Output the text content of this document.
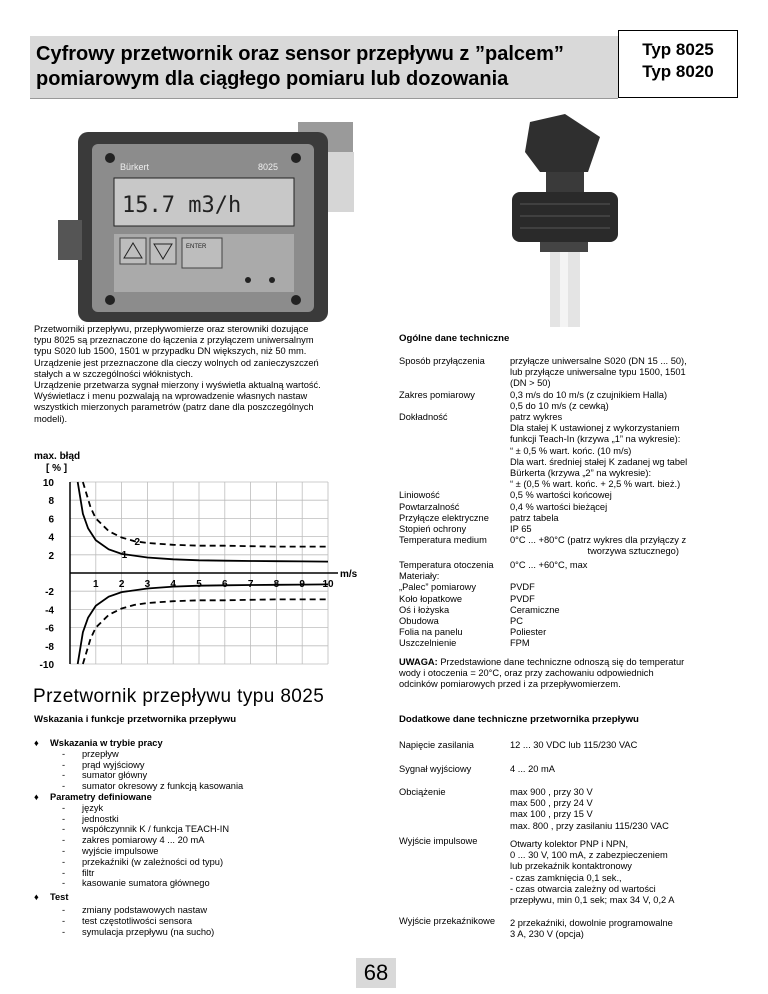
Cyfrowy przetwornik oraz sensor przepływu z ”palcem”
pomiarowym dla ciągłego pomiaru lub dozowania
Typ 8025
Typ 8020
Bürkert	8025
15.7 m3/h
ENTER
Przetworniki przepływu, przepływomierze oraz sterowniki dozujące
typu 8025 są przeznaczone do łączenia z przyłączem uniwersalnym
typu S020 lub 1500, 1501 w przypadku DN większych, niż 50 mm.
Urządzenie jest przeznaczone dla cieczy wolnych od zanieczyszczeń
stałych a w szczególności włóknistych.
Urządzenie przetwarza sygnał mierzony i wyświetla aktualną wartość.
Wyświetlacz i menu pozwalają na wprowadzenie własnych nastaw
wszystkich mierzonych parametrów (patrz dane dla poszczególnych
modeli).
max. błąd
[ % ]
1 2 3 4 5 6 7 8 9 10
10
8
6
4
2
-2
-4
-6
-8
-10
m/s
2
1
Ogólne dane techniczne
Sposób przyłączenia	przyłącze uniwersalne S020 (DN 15 ... 50),
lub przyłącze uniwersalne typu 1500, 1501
(DN > 50)
Zakres pomiarowy	0,3 m/s do 10 m/s (z czujnikiem Halla)
0,5 do 10 m/s (z cewką)
Dokładność	patrz wykres
Dla stałej K ustawionej z wykorzystaniem
funkcji Teach-In (krzywa „1” na wykresie):
“ ± 0,5 % wart. końc. (10 m/s)
Dla wart. średniej stałej K zadanej wg tabel
Bürkerta (krzywa „2” na wykresie):
“ ± (0,5 % wart. końc. + 2,5 % wart. bież.)
Liniowość	0,5 % wartości końcowej
Powtarzalność	0,4 % wartości bieżącej
Przyłącze elektryczne patrz tabela
Stopień ochrony	IP 65
Temperatura medium 0°C ... +80°C (patrz wykres dla przyłączy z
tworzywa sztucznego)
Temperatura otoczenia 0°C ... +60°C, max
Materiały:
„Palec” pomiarowy	PVDF
Koło łopatkowe	PVDF
Oś i łożyska	Ceramiczne
Obudowa	PC
Folia na panelu	Poliester
Uszczelnienie	FPM
UWAGA: Przedstawione dane techniczne odnoszą się do temperatur
wody i otoczenia = 20°C, oraz przy zachowaniu odpowiednich
odcinków pomiarowych przed i za przepływomierzem.
Przetwornik przepływu typu 8025
Wskazania i funkcje przetwornika przepływu	Dodatkowe dane techniczne przetwornika przepływu
♦ Wskazania w trybie pracy
- przepływ
- prąd wyjściowy
- sumator główny
- sumator okresowy z funkcją kasowania
♦ Parametry definiowane
- język
- jednostki
- współczynnik K / funkcja TEACH-IN
- zakres pomiarowy 4 ... 20 mA
- wyjście impulsowe
- przekaźniki (w zależności od typu)
- filtr
- kasowanie sumatora głównego
♦ Test
- zmiany podstawowych nastaw
- test częstotliwości sensora
- symulacja przepływu (na sucho)
Napięcie zasilania	12 ... 30 VDC lub 115/230 VAC
Sygnał wyjściowy	4 ... 20 mA
Obciążenie	max 900 , przy 30 V
max 500 , przy 24 V
max 100 , przy 15 V
max. 800 , przy zasilaniu 115/230 VAC
Wyjście impulsowe	Otwarty kolektor PNP i NPN,
0 ... 30 V, 100 mA, z zabezpieczeniem
lub przekaźnik kontaktronowy
- czas zamknięcia 0,1 sek.,
- czas otwarcia zależny od wartości
przepływu, min 0,1 sek; max 34 V, 0,2 A
Wyjście przekaźnikowe 2 przekaźniki, dowolnie programowalne
3 A, 230 V (opcja)
68
